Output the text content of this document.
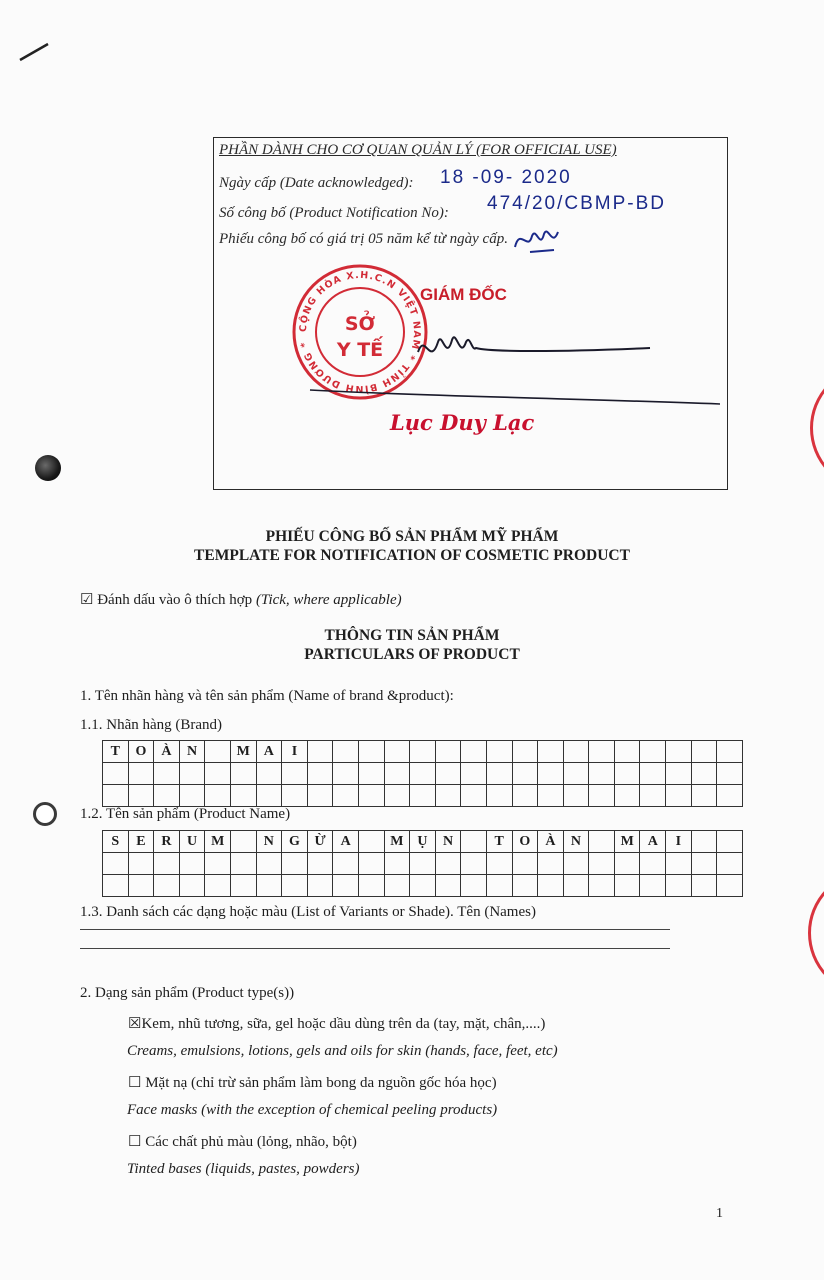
PHẦN DÀNH CHO CƠ QUAN QUẢN LÝ (FOR OFFICIAL USE)
Ngày cấp (Date acknowledged):
Số công bố (Product Notification No):
Phiếu công bố có giá trị 05 năm kể từ ngày cấp.
18 -09- 2020
474/20/CBMP-BD
CỘNG HÒA X.H.C.N VIỆT NAM * TỈNH BÌNH DƯƠNG *
SỞ
Y TẾ
GIÁM ĐỐC
Lục Duy Lạc
PHIẾU CÔNG BỐ SẢN PHẨM MỸ PHẨM
TEMPLATE FOR NOTIFICATION OF COSMETIC PRODUCT
☑ Đánh dấu vào ô thích hợp (Tick, where applicable)
THÔNG TIN SẢN PHẨM
PARTICULARS OF PRODUCT
1. Tên nhãn hàng và tên sản phẩm (Name of brand &product):
1.1. Nhãn hàng (Brand)
T	O	À	N		M	A	I																	

1.2. Tên sản phẩm (Product Name)
S	E	R	U	M		N	G	Ừ	A		M	Ụ	N		T	O	À	N		M	A	I		

1.3. Danh sách các dạng hoặc màu (List of Variants or Shade). Tên (Names)
2. Dạng sản phẩm (Product type(s))
☒Kem, nhũ tương, sữa, gel hoặc dầu dùng trên da (tay, mặt, chân,....)
Creams, emulsions, lotions, gels and oils for skin (hands, face, feet, etc)
☐ Mặt nạ (chỉ trừ sản phẩm làm bong da nguồn gốc hóa học)
Face masks (with the exception of chemical peeling products)
☐ Các chất phủ màu (lỏng, nhão, bột)
Tinted bases (liquids, pastes, powders)
1
